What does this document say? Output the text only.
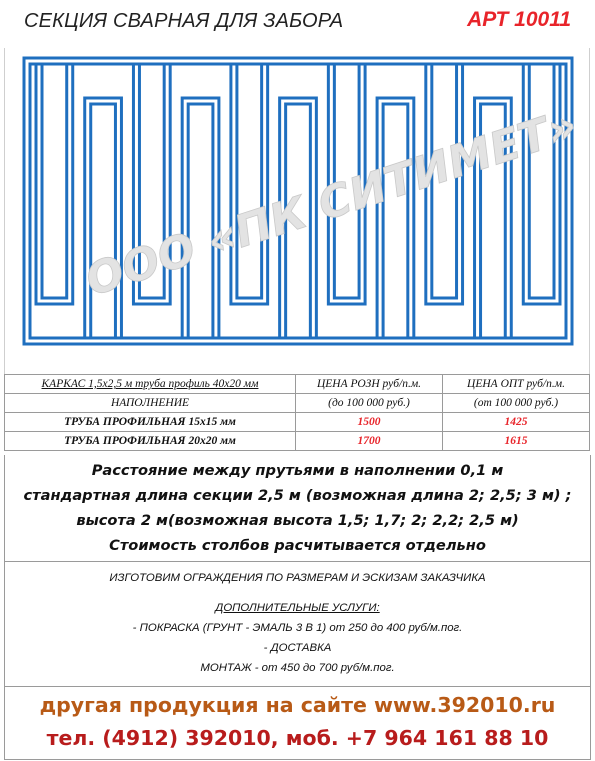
СЕКЦИЯ СВАРНАЯ ДЛЯ ЗАБОРА	АРТ 10011
ООО «ПК СИТИМЕТ»
КАРКАС 1,5х2,5 м труба профиль 40х20 мм	ЦЕНА РОЗН руб/п.м.	ЦЕНА ОПТ руб/п.м.
НАПОЛНЕНИЕ	(до 100 000 руб.)	(от 100 000 руб.)
ТРУБА ПРОФИЛЬНАЯ 15х15 мм	1500	1425
ТРУБА ПРОФИЛЬНАЯ 20х20 мм	1700	1615
Расстояние между прутьями в наполнении 0,1 м
стандартная длина секции 2,5 м (возможная длина 2; 2,5; 3 м) ;
высота 2 м(возможная высота 1,5; 1,7; 2; 2,2; 2,5 м)
Стоимость столбов расчитывается отдельно
ИЗГОТОВИМ ОГРАЖДЕНИЯ ПО РАЗМЕРАМ И ЭСКИЗАМ ЗАКАЗЧИКА
ДОПОЛНИТЕЛЬНЫЕ УСЛУГИ:
- ПОКРАСКА (ГРУНТ - ЭМАЛЬ 3 В 1) от 250 до 400 руб/м.пог.
- ДОСТАВКА
МОНТАЖ - от 450 до 700 руб/м.пог.
другая продукция на сайте www.392010.ru
тел. (4912) 392010, моб. +7 964 161 88 10
